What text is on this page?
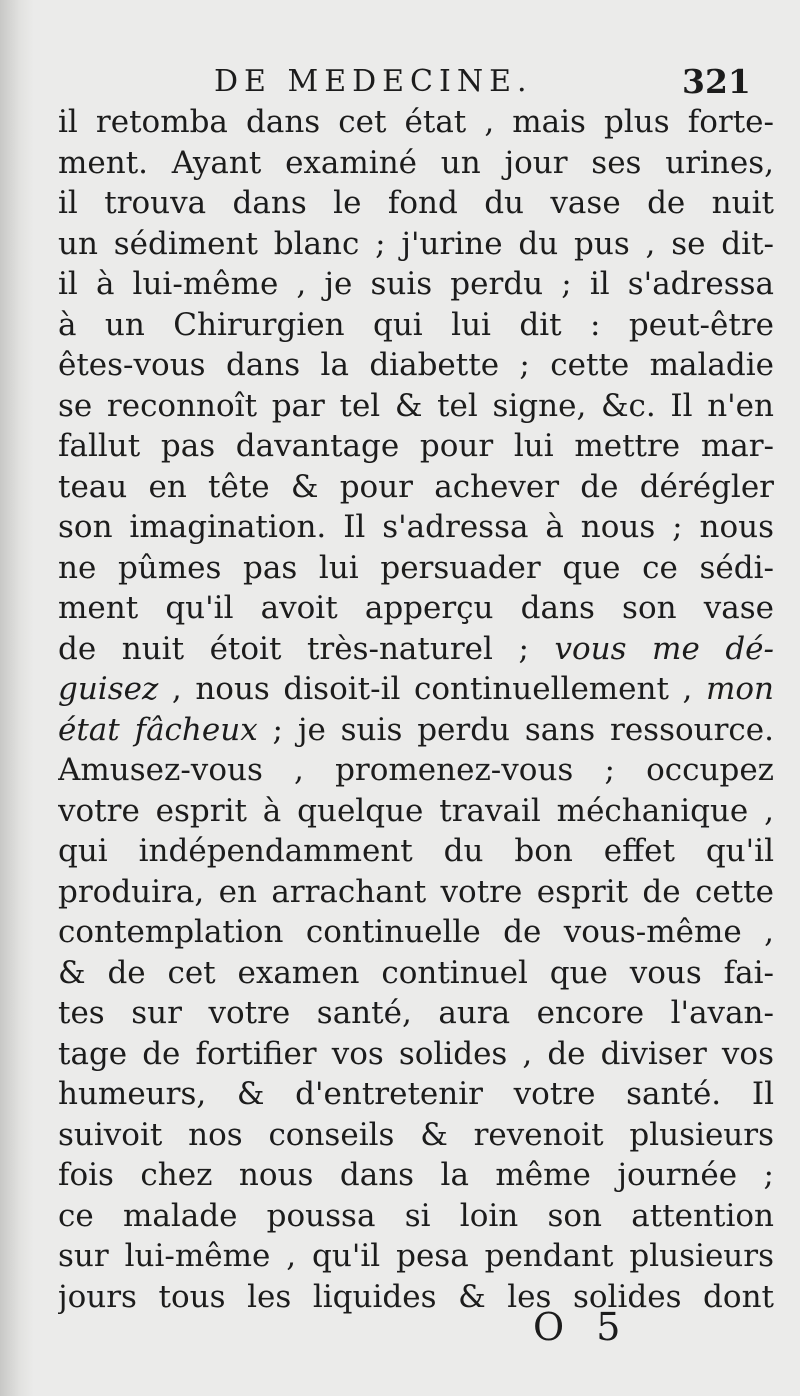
DE MEDECINE.	321
il retomba dans cet état , mais plus forte-
ment. Ayant examiné un jour ses urines,
il trouva dans le fond du vase de nuit
un sédiment blanc ; j'urine du pus , se dit-
il à lui-même , je suis perdu ; il s'adressa
à un Chirurgien qui lui dit : peut-être
êtes-vous dans la diabette ; cette maladie
se reconnoît par tel & tel signe, &c. Il n'en
fallut pas davantage pour lui mettre mar-
teau en tête & pour achever de dérégler
son imagination. Il s'adressa à nous ; nous
ne pûmes pas lui persuader que ce sédi-
ment qu'il avoit apperçu dans son vase
de nuit étoit très-naturel ; vous me dé-
guisez , nous disoit-il continuellement , mon
état fâcheux ; je suis perdu sans ressource.
Amusez-vous , promenez-vous ; occupez
votre esprit à quelque travail méchanique ,
qui indépendamment du bon effet qu'il
produira, en arrachant votre esprit de cette
contemplation continuelle de vous-même ,
& de cet examen continuel que vous fai-
tes sur votre santé, aura encore l'avan-
tage de fortifier vos solides , de diviser vos
humeurs, & d'entretenir votre santé. Il
suivoit nos conseils & revenoit plusieurs
fois chez nous dans la même journée ;
ce malade poussa si loin son attention
sur lui-même , qu'il pesa pendant plusieurs
jours tous les liquides & les solides dont
O 5
